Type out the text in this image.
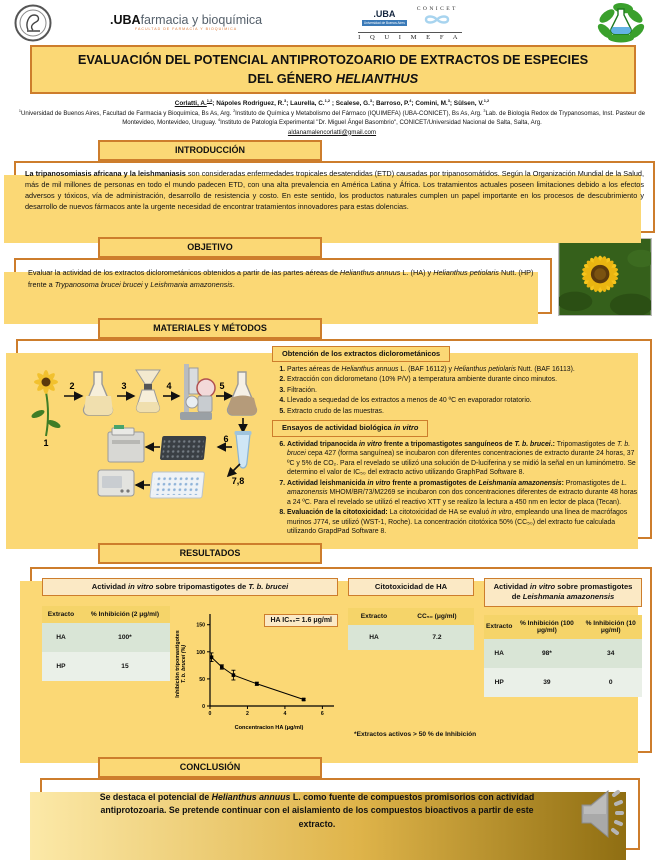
.UBAfarmacia y bioquímica
FACULTAD DE FARMACIA Y BIOQUIMICA
.UBA
Universidad de Buenos Aires
CONICET
I Q U I M E F A
EVALUACIÓN DEL POTENCIAL ANTIPROTOZOARIO DE EXTRACTOS DE ESPECIES
DEL GÉNERO HELIANTHUS
Corlatti, A.$^{1,2}$; Nápoles Rodriguez, R.$^3$; Laurella, C.$^{1,2}$ ; Scalese, G.$^3$; Barroso, P.$^4$; Comini, M.$^3$; Sülsen, V.$^{1,2}$
$^1$Universidad de Buenos Aires, Facultad de Farmacia y Bioquímica, Bs As, Arg. $^2$Instituto de Química y Metabolismo del Fármaco (IQUIMEFA) (UBA-CONICET), Bs As, Arg. $^3$Lab. de Biología Redox de Trypanosomas, Inst. Pasteur de Montevideo, Montevideo, Uruguay. $^4$Instituto de Patología Experimental "Dr. Miguel Ángel Basombrio", CONICET/Universidad Nacional de Salta, Salta, Arg.
aldanamalencorlatti@gmail.com
INTRODUCCIÓN
La tripanosomiasis africana y la leishmaniasis son consideradas enfermedades tropicales desatendidas (ETD) causadas por tripanosomátidos. Según la Organización Mundial de la Salud, más de mil millones de personas en todo el mundo padecen ETD, con una alta prevalencia en América Latina y África. Los tratamientos actuales poseen limitaciones debido a los efectos adversos y tóxicos, vía de administración, desarrollo de resistencia y costo. En este sentido, los productos naturales cumplen un papel importante en los procesos de descubrimiento y desarrollo de nuevos fármacos ante la urgente necesidad de encontrar tratamientos innovadores para estas dolencias.
OBJETIVO
Evaluar la actividad de los extractos diclorometánicos obtenidos a partir de las partes aéreas de Helianthus annuus L. (HA) y Helianthus petiolaris Nutt. (HP) frente a Trypanosoma brucei brucei y Leishmania amazonensis.
MATERIALES Y MÉTODOS
1
2	3	4	5
6
7,8
Obtención de los extractos diclorometánicos
1. Partes aéreas de Helianthus annuus L. (BAF 16112) y Helianthus petiolaris Nutt. (BAF 16113).
2. Extracción con diclorometano (10% P/V) a temperatura ambiente durante cinco minutos.
3. Filtración.
4. Llevado a sequedad de los extractos a menos de 40 ºC en evaporador rotatorio.
5. Extracto crudo de las muestras.
Ensayos de actividad biológica in vitro
6. Actividad tripanocida in vitro frente a tripomastigotes sanguíneos de T. b. brucei.: Tripomastigotes de T. b. brucei cepa 427 (forma sanguínea) se incubaron con diferentes concentraciones de extracto durante 24 horas, 37 ºC y 5% de CO₂. Para el revelado se utilizó una solución de D-luciferina y se midió la señal en un luminómetro. Se determino el valor de IC₅₀ del extracto activo utilizando GraphPad Software 8.
7. Actividad leishmanicida in vitro frente a promastigotes de Leishmania amazonensis: Promastigotes de L. amazonensis MHOM/BR/73/M2269 se incubaron con dos concentraciones diferentes de extracto durante 48 horas a 24 ºC. Para el revelado se utilizó el reactivo XTT y se realizo la lectura a 450 nm en lector de placa (Tecan).
8. Evaluación de la citotoxicidad: La citotoxicidad de HA se evaluó in vitro, empleando una línea de macrófagos murinos J774, se utilizó (WST-1, Roche). La concentración citotóxica 50% (CC₅₀) del extracto fue calculada utilizando GrapdPad Software 8.
RESULTADOS
Actividad in vitro sobre tripomastigotes de T. b. brucei
Extracto	% Inhibición (2 μg/ml)
HA	100*
HP	15
0
50
100
150
0	2	4	6
Concentracion HA (μg/ml)
Inhibición tripomastigotesT. b. brucei (%)
HA IC₅₀= 1.6 μg/ml
Citotoxicidad de HA
Extracto	CC₅₀ (μg/ml)
HA	7.2
Actividad in vitro sobre promastigotes de Leishmania amazonensis
Extracto	% Inhibición (100 μg/ml)	% Inhibición (10 μg/ml)
HA	98*	34
HP	39	0
*Extractos activos > 50 % de Inhibición
CONCLUSIÓN
Se destaca el potencial de Helianthus annuus L. como fuente de compuestos promisorios con actividad antiprotozoaria. Se pretende continuar con el aislamiento de los compuestos bioactivos a partir de este extracto.
